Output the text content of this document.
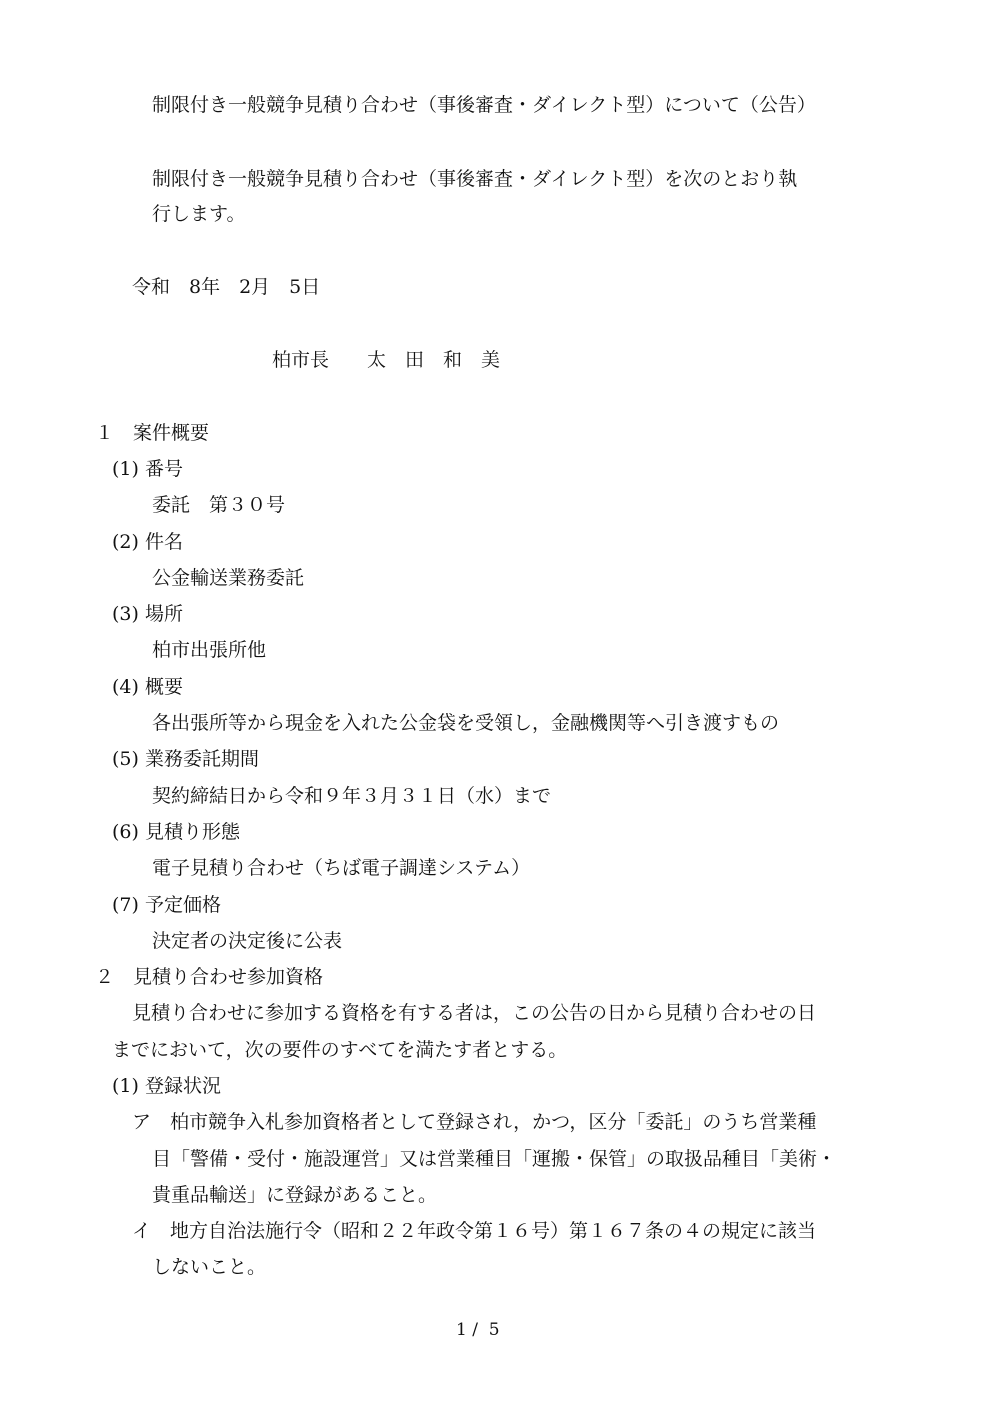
制限付き一般競争見積り合わせ（事後審査・ダイレクト型）について（公告）

制限付き一般競争見積り合わせ（事後審査・ダイレクト型）を次のとおり執

行します。

令和　8年　2月　5日

柏市長　　太　田　和　美

１　案件概要

(1) 番号

委託　第３０号

(2) 件名

公金輸送業務委託

(3) 場所

柏市出張所他

(4) 概要

各出張所等から現金を入れた公金袋を受領し，金融機関等へ引き渡すもの

(5) 業務委託期間

契約締結日から令和９年３月３１日（水）まで

(6) 見積り形態

電子見積り合わせ（ちば電子調達システム）

(7) 予定価格

決定者の決定後に公表

２　見積り合わせ参加資格

見積り合わせに参加する資格を有する者は，この公告の日から見積り合わせの日

までにおいて，次の要件のすべてを満たす者とする。

(1) 登録状況

ア　柏市競争入札参加資格者として登録され，かつ，区分「委託」のうち営業種

目「警備・受付・施設運営」又は営業種目「運搬・保管」の取扱品種目「美術・

貴重品輸送」に登録があること。

イ　地方自治法施行令（昭和２２年政令第１６号）第１６７条の４の規定に該当

しないこと。

1 /  5
